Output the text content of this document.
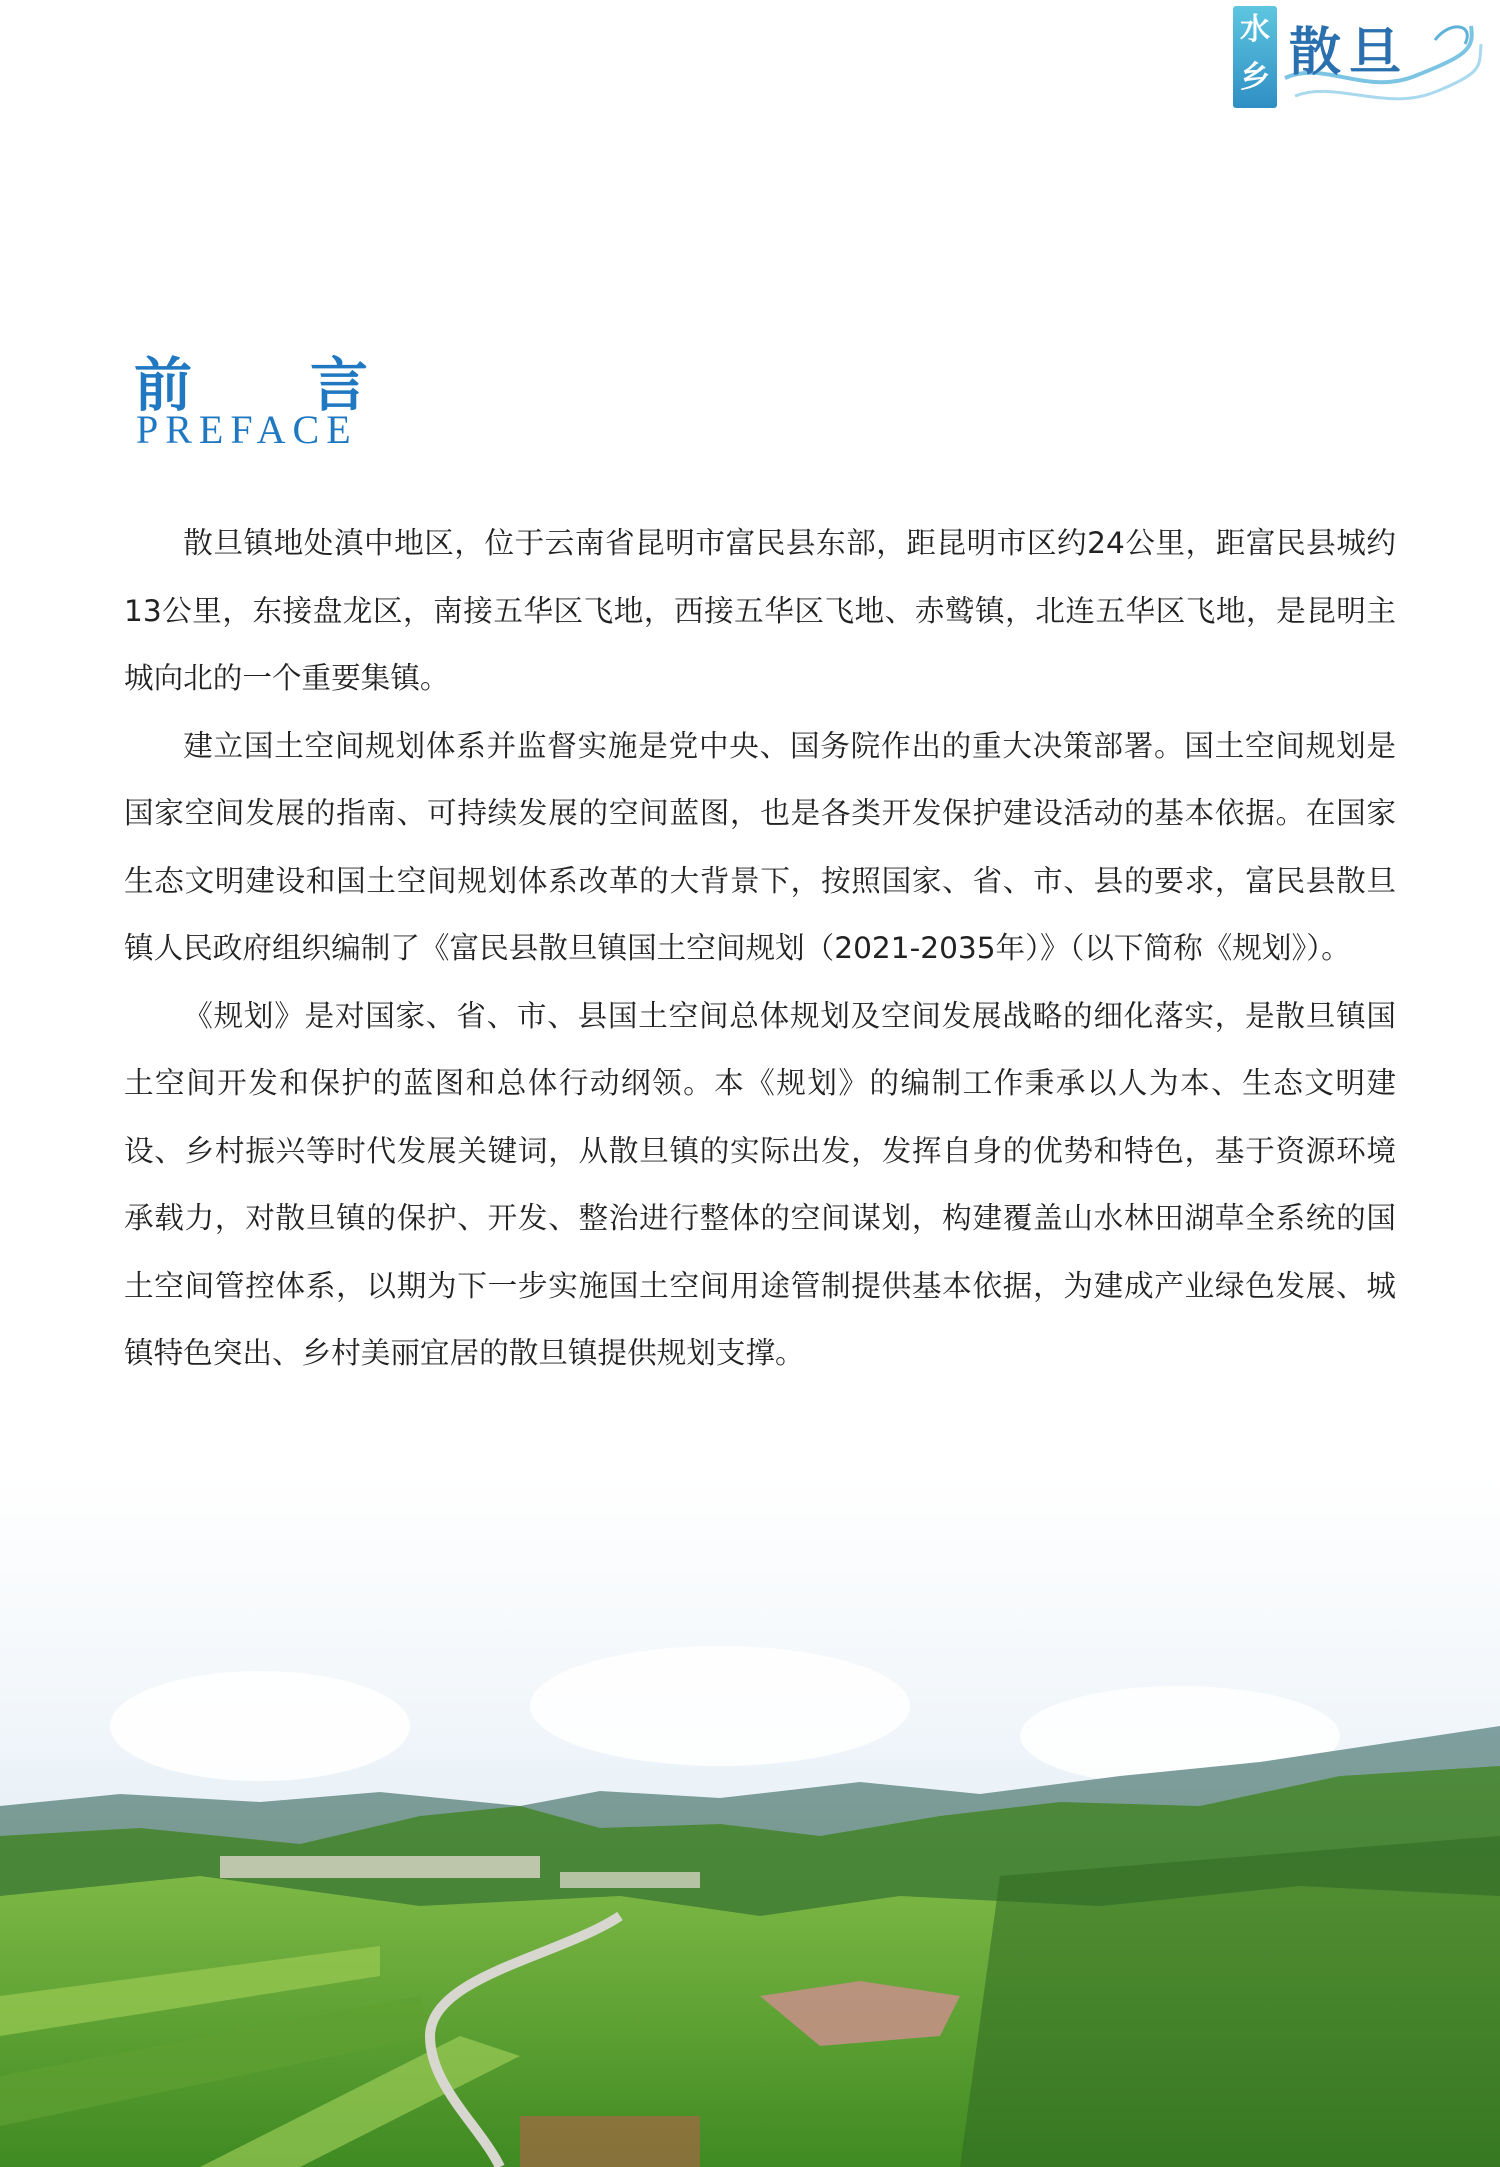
水
乡 散旦
前言
PREFACE

散旦镇地处滇中地区，位于云南省昆明市富民县东部，距昆明市区约24公里，距富民县城约13公里，东接盘龙区，南接五华区飞地，西接五华区飞地、赤鹫镇，北连五华区飞地，是昆明主城向北的一个重要集镇。

建立国土空间规划体系并监督实施是党中央、国务院作出的重大决策部署。国土空间规划是国家空间发展的指南、可持续发展的空间蓝图，也是各类开发保护建设活动的基本依据。在国家生态文明建设和国土空间规划体系改革的大背景下，按照国家、省、市、县的要求，富民县散旦镇人民政府组织编制了《富民县散旦镇国土空间规划（2021-2035年）》（以下简称《规划》）。

《规划》是对国家、省、市、县国土空间总体规划及空间发展战略的细化落实，是散旦镇国土空间开发和保护的蓝图和总体行动纲领。本《规划》的编制工作秉承以人为本、生态文明建设、乡村振兴等时代发展关键词，从散旦镇的实际出发，发挥自身的优势和特色，基于资源环境承载力，对散旦镇的保护、开发、整治进行整体的空间谋划，构建覆盖山水林田湖草全系统的国土空间管控体系，以期为下一步实施国土空间用途管制提供基本依据，为建成产业绿色发展、城镇特色突出、乡村美丽宜居的散旦镇提供规划支撑。
